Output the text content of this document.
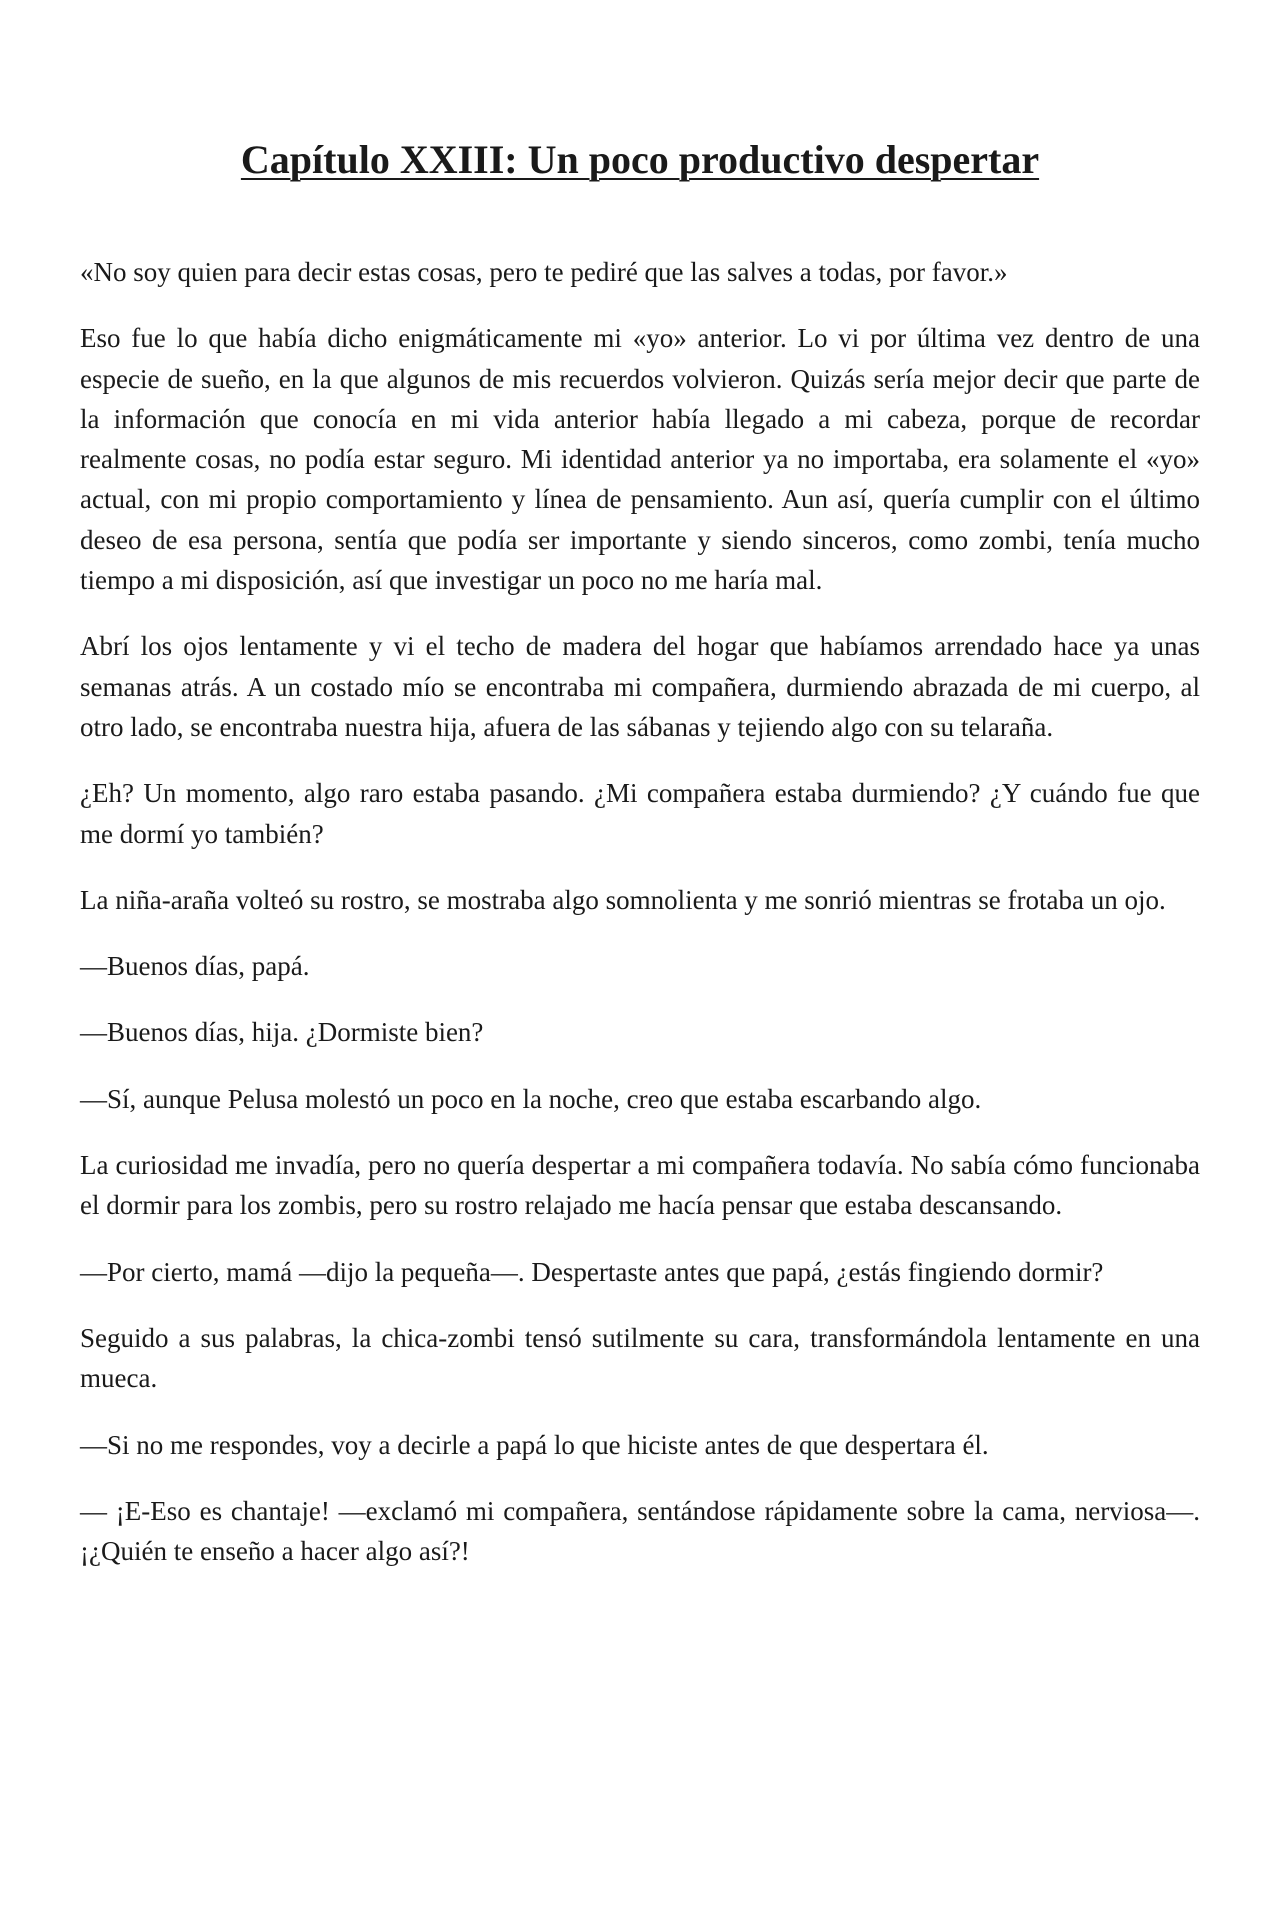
Capítulo XXIII: Un poco productivo despertar

«No soy quien para decir estas cosas, pero te pediré que las salves a todas, por favor.»

Eso fue lo que había dicho enigmáticamente mi «yo» anterior. Lo vi por última vez dentro de una especie de sueño, en la que algunos de mis recuerdos volvieron. Quizás sería mejor decir que parte de la información que conocía en mi vida anterior había llegado a mi cabeza, porque de recordar realmente cosas, no podía estar seguro. Mi identidad anterior ya no importaba, era solamente el «yo» actual, con mi propio comportamiento y línea de pensamiento. Aun así, quería cumplir con el último deseo de esa persona, sentía que podía ser importante y siendo sinceros, como zombi, tenía mucho tiempo a mi disposición, así que investigar un poco no me haría mal.

Abrí los ojos lentamente y vi el techo de madera del hogar que habíamos arrendado hace ya unas semanas atrás. A un costado mío se encontraba mi compañera, durmiendo abrazada de mi cuerpo, al otro lado, se encontraba nuestra hija, afuera de las sábanas y tejiendo algo con su telaraña.

¿Eh? Un momento, algo raro estaba pasando. ¿Mi compañera estaba durmiendo? ¿Y cuándo fue que me dormí yo también?

La niña-araña volteó su rostro, se mostraba algo somnolienta y me sonrió mientras se frotaba un ojo.

—Buenos días, papá.

—Buenos días, hija. ¿Dormiste bien?

—Sí, aunque Pelusa molestó un poco en la noche, creo que estaba escarbando algo.

La curiosidad me invadía, pero no quería despertar a mi compañera todavía. No sabía cómo funcionaba el dormir para los zombis, pero su rostro relajado me hacía pensar que estaba descansando.

—Por cierto, mamá —dijo la pequeña—. Despertaste antes que papá, ¿estás fingiendo dormir?

Seguido a sus palabras, la chica-zombi tensó sutilmente su cara, transformándola lentamente en una mueca.

—Si no me respondes, voy a decirle a papá lo que hiciste antes de que despertara él.

— ¡E-Eso es chantaje! —exclamó mi compañera, sentándose rápidamente sobre la cama, nerviosa—. ¡¿Quién te enseño a hacer algo así?!
